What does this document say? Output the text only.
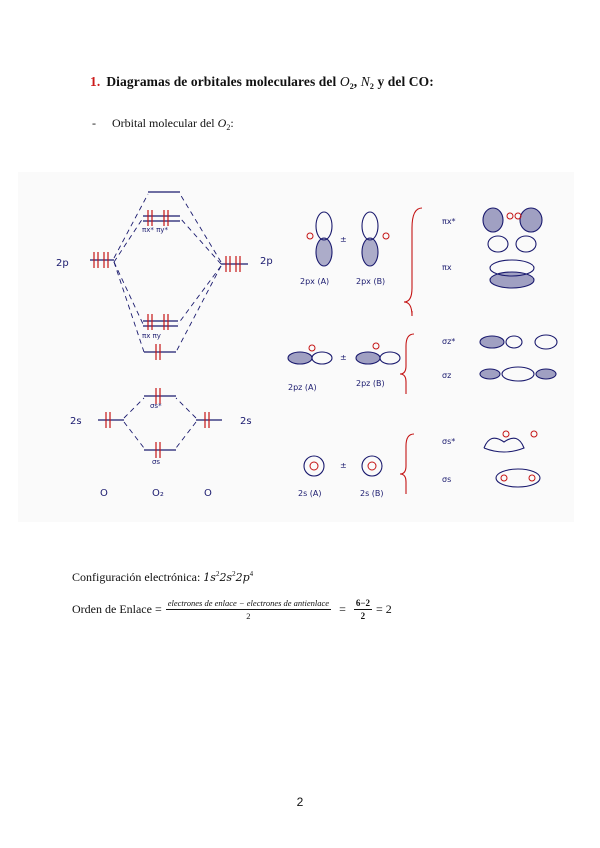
1. Diagramas de orbitales moleculares del $O_2$, $N_2$ y del CO:
- Orbital molecular del $O_2$:
2p	2p
2s	2s
O	O₂	O
πx* πy*
πx πy
σs*
σs
±
±
±
2px (A)	2px (B)
2pz (A)	2pz (B)
2s (A)	2s (B)
πx*
πx
σz*
σz
σs*
σs
Configuración electrónica: $1s^22s^22p^4$
Orden de Enlace = $\frac{\text{electrones de enlace − electrones de antienlace}}{2} = \frac{6-2}{2} = 2$
2
